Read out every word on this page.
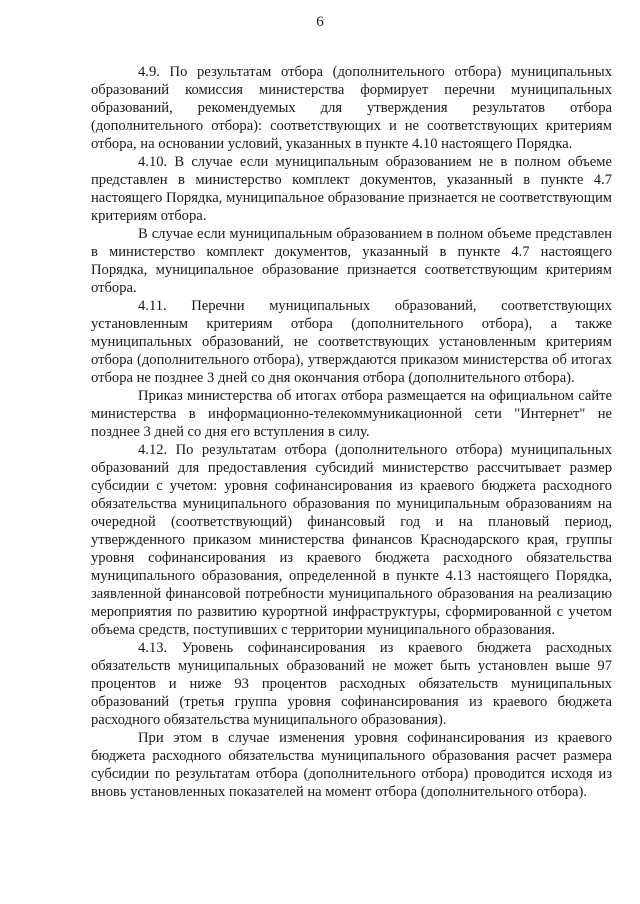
6

4.9. По результатам отбора (дополнительного отбора) муниципальных образований комиссия министерства формирует перечни муниципальных образований, рекомендуемых для утверждения результатов отбора (дополнительного отбора): соответствующих и не соответствующих критериям отбора, на основании условий, указанных в пункте 4.10 настоящего Порядка.

4.10. В случае если муниципальным образованием не в полном объеме представлен в министерство комплект документов, указанный в пункте 4.7 настоящего Порядка, муниципальное образование признается не соответствующим критериям отбора.

В случае если муниципальным образованием в полном объеме представлен в министерство комплект документов, указанный в пункте 4.7 настоящего Порядка, муниципальное образование признается соответствующим критериям отбора.

4.11. Перечни муниципальных образований, соответствующих установленным критериям отбора (дополнительного отбора), а также муниципальных образований, не соответствующих установленным критериям отбора (дополнительного отбора), утверждаются приказом министерства об итогах отбора не позднее 3 дней со дня окончания отбора (дополнительного отбора).

Приказ министерства об итогах отбора размещается на официальном сайте министерства в информационно-телекоммуникационной сети "Интернет" не позднее 3 дней со дня его вступления в силу.

4.12. По результатам отбора (дополнительного отбора) муниципальных образований для предоставления субсидий министерство рассчитывает размер субсидии с учетом: уровня софинансирования из краевого бюджета расходного обязательства муниципального образования по муниципальным образованиям на очередной (соответствующий) финансовый год и на плановый период, утвержденного приказом министерства финансов Краснодарского края, группы уровня софинансирования из краевого бюджета расходного обязательства муниципального образования, определенной в пункте 4.13 настоящего Порядка, заявленной финансовой потребности муниципального образования на реализацию мероприятия по развитию курортной инфраструктуры, сформированной с учетом объема средств, поступивших с территории муниципального образования.

4.13. Уровень софинансирования из краевого бюджета расходных обязательств муниципальных образований не может быть установлен выше 97 процентов и ниже 93 процентов расходных обязательств муниципальных образований (третья группа уровня софинансирования из краевого бюджета расходного обязательства муниципального образования).

При этом в случае изменения уровня софинансирования из краевого бюджета расходного обязательства муниципального образования расчет размера субсидии по результатам отбора (дополнительного отбора) проводится исходя из вновь установленных показателей на момент отбора (дополнительного отбора).
